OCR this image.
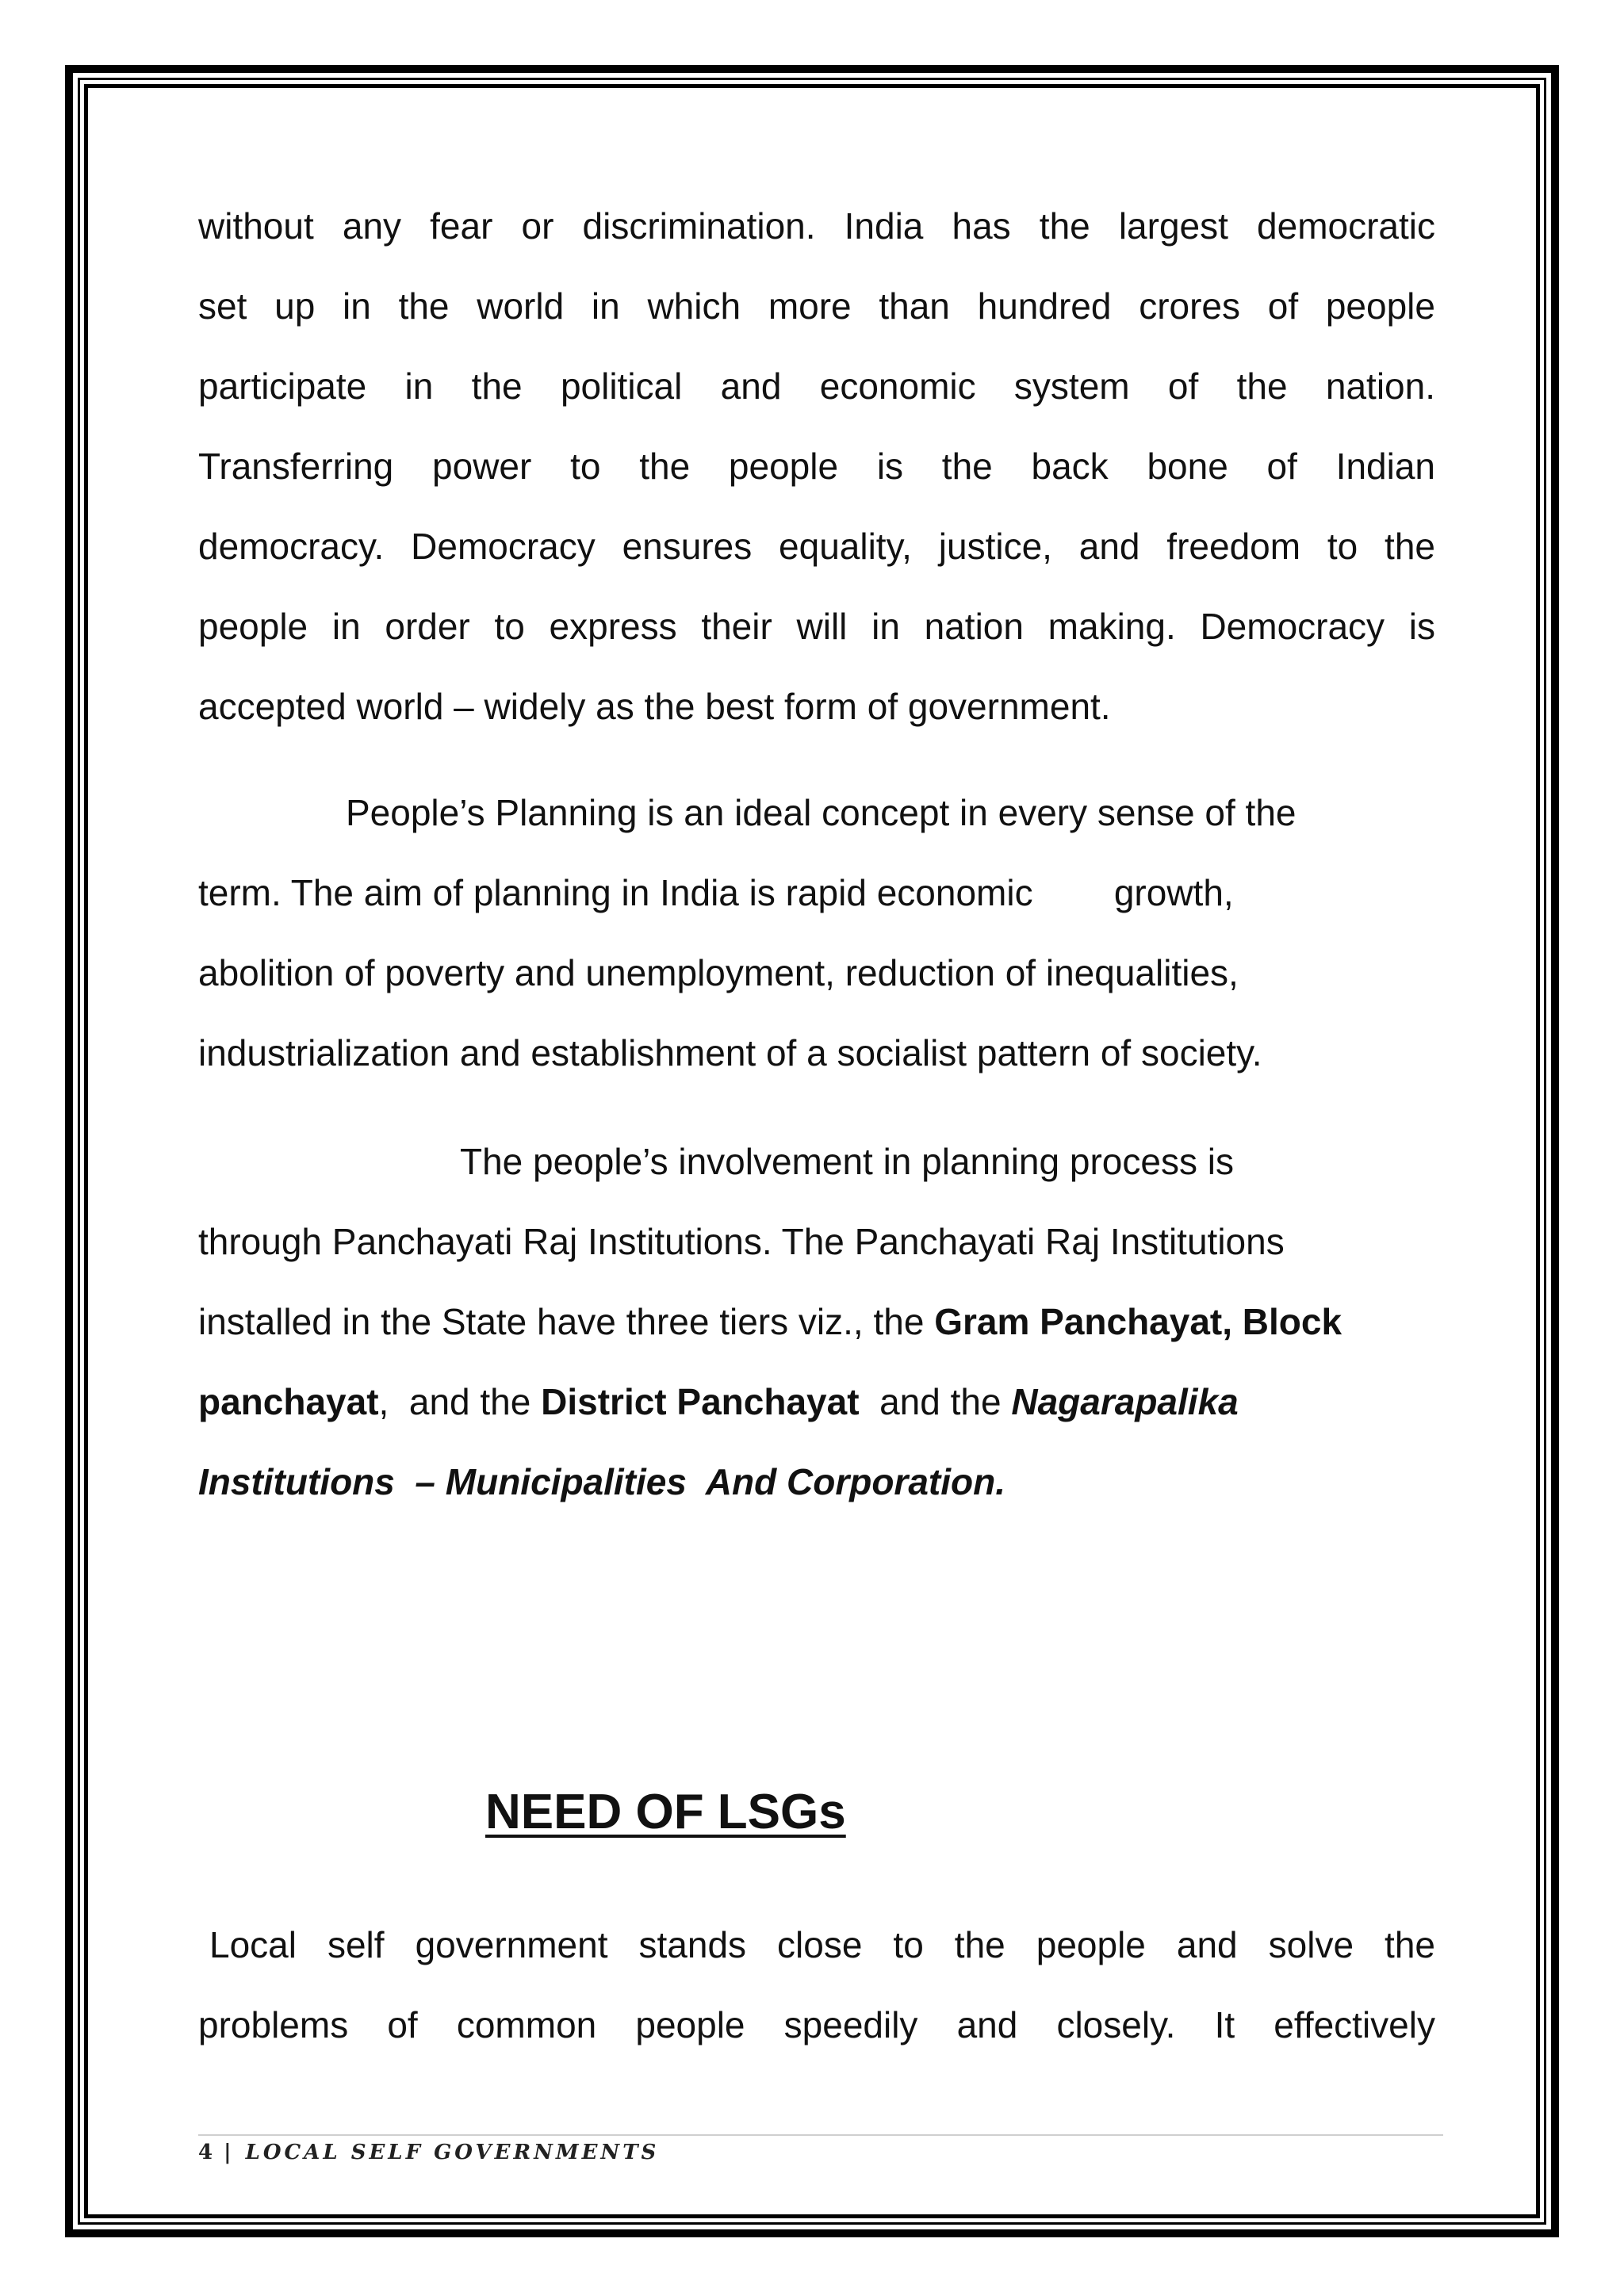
without any fear or discrimination. India has the largest democratic
set up in the world in which more than hundred crores of people
participate in the political and economic system of the nation.
Transferring power to the people is the back bone of Indian
democracy. Democracy ensures equality, justice, and freedom to the
people in order to express their will in nation making. Democracy is
accepted world – widely as the best form of government.
People’s Planning is an ideal concept in every sense of the
term. The aim of planning in India is rapid economic        growth,
abolition of poverty and unemployment, reduction of inequalities,
industrialization and establishment of a socialist pattern of society.
The people’s involvement in planning process is
through Panchayati Raj Institutions. The Panchayati Raj Institutions
installed in the State have three tiers viz., the Gram Panchayat, Block
panchayat,  and the District Panchayat  and the Nagarapalika
Institutions  – Municipalities  And Corporation.
NEED OF LSGs
Local self government stands close to the people and solve the
problems of common people speedily and closely. It effectively
4 | LOCAL SELF GOVERNMENTS
